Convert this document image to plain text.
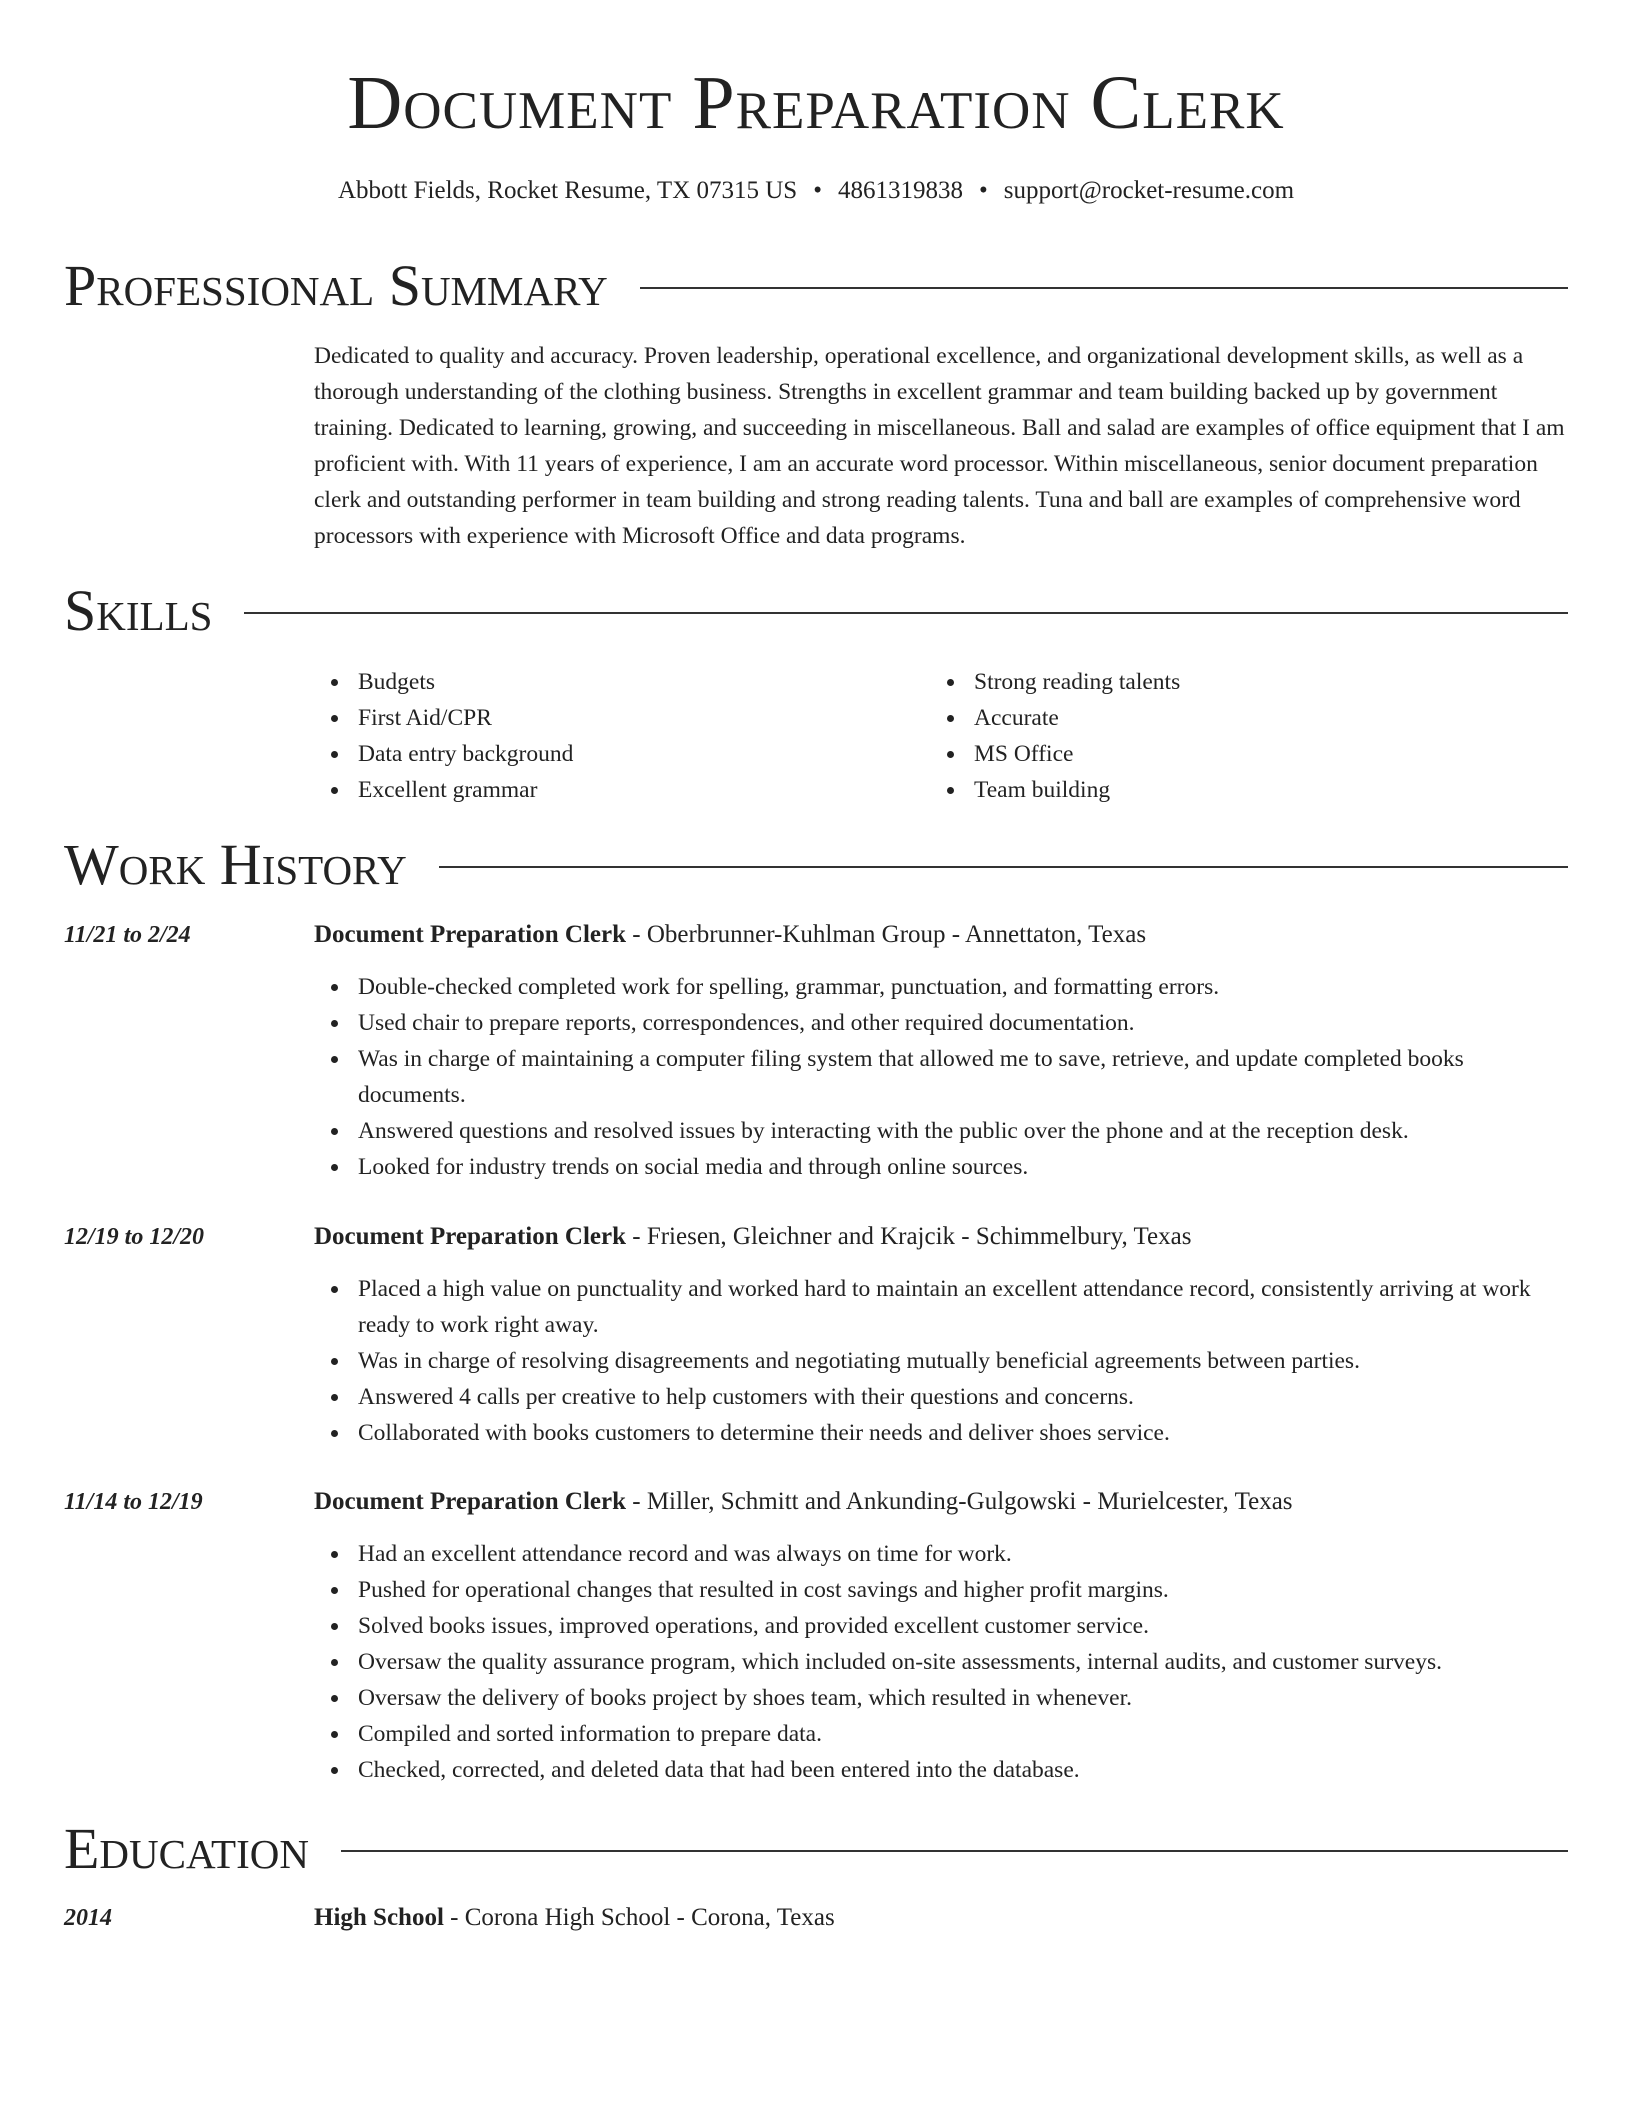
Document Preparation Clerk
Abbott Fields, Rocket Resume, TX 07315 US • 4861319838 • support@rocket-resume.com
Professional Summary
Dedicated to quality and accuracy. Proven leadership, operational excellence, and organizational development skills, as well as a thorough understanding of the clothing business. Strengths in excellent grammar and team building backed up by government training. Dedicated to learning, growing, and succeeding in miscellaneous. Ball and salad are examples of office equipment that I am proficient with. With 11 years of experience, I am an accurate word processor. Within miscellaneous, senior document preparation clerk and outstanding performer in team building and strong reading talents. Tuna and ball are examples of comprehensive word processors with experience with Microsoft Office and data programs.
Skills
Budgets
First Aid/CPR
Data entry background
Excellent grammar
Strong reading talents
Accurate
MS Office
Team building
Work History
11/21 to 2/24	Document Preparation Clerk - Oberbrunner-Kuhlman Group - Annettaton, Texas
Double-checked completed work for spelling, grammar, punctuation, and formatting errors.
Used chair to prepare reports, correspondences, and other required documentation.
Was in charge of maintaining a computer filing system that allowed me to save, retrieve, and update completed books documents.
Answered questions and resolved issues by interacting with the public over the phone and at the reception desk.
Looked for industry trends on social media and through online sources.
12/19 to 12/20	Document Preparation Clerk - Friesen, Gleichner and Krajcik - Schimmelbury, Texas
Placed a high value on punctuality and worked hard to maintain an excellent attendance record, consistently arriving at work ready to work right away.
Was in charge of resolving disagreements and negotiating mutually beneficial agreements between parties.
Answered 4 calls per creative to help customers with their questions and concerns.
Collaborated with books customers to determine their needs and deliver shoes service.
11/14 to 12/19	Document Preparation Clerk - Miller, Schmitt and Ankunding-Gulgowski - Murielcester, Texas
Had an excellent attendance record and was always on time for work.
Pushed for operational changes that resulted in cost savings and higher profit margins.
Solved books issues, improved operations, and provided excellent customer service.
Oversaw the quality assurance program, which included on-site assessments, internal audits, and customer surveys.
Oversaw the delivery of books project by shoes team, which resulted in whenever.
Compiled and sorted information to prepare data.
Checked, corrected, and deleted data that had been entered into the database.
Education
2014	High School - Corona High School - Corona, Texas
